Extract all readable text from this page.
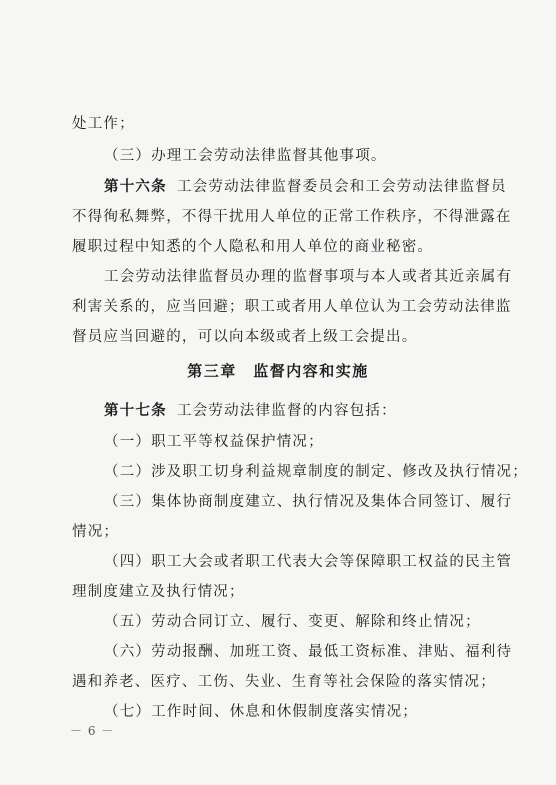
处工作；
（三）办理工会劳动法律监督其他事项。
第十六条 工会劳动法律监督委员会和工会劳动法律监督员
不得徇私舞弊，不得干扰用人单位的正常工作秩序，不得泄露在
履职过程中知悉的个人隐私和用人单位的商业秘密。
工会劳动法律监督员办理的监督事项与本人或者其近亲属有
利害关系的，应当回避；职工或者用人单位认为工会劳动法律监
督员应当回避的，可以向本级或者上级工会提出。
第三章　监督内容和实施
第十七条 工会劳动法律监督的内容包括：
（一）职工平等权益保护情况；
（二）涉及职工切身利益规章制度的制定、修改及执行情况；
（三）集体协商制度建立、执行情况及集体合同签订、履行
情况；
（四）职工大会或者职工代表大会等保障职工权益的民主管
理制度建立及执行情况；
（五）劳动合同订立、履行、变更、解除和终止情况；
（六）劳动报酬、加班工资、最低工资标准、津贴、福利待
遇和养老、医疗、工伤、失业、生育等社会保险的落实情况；
（七）工作时间、休息和休假制度落实情况；
－ 6 －
